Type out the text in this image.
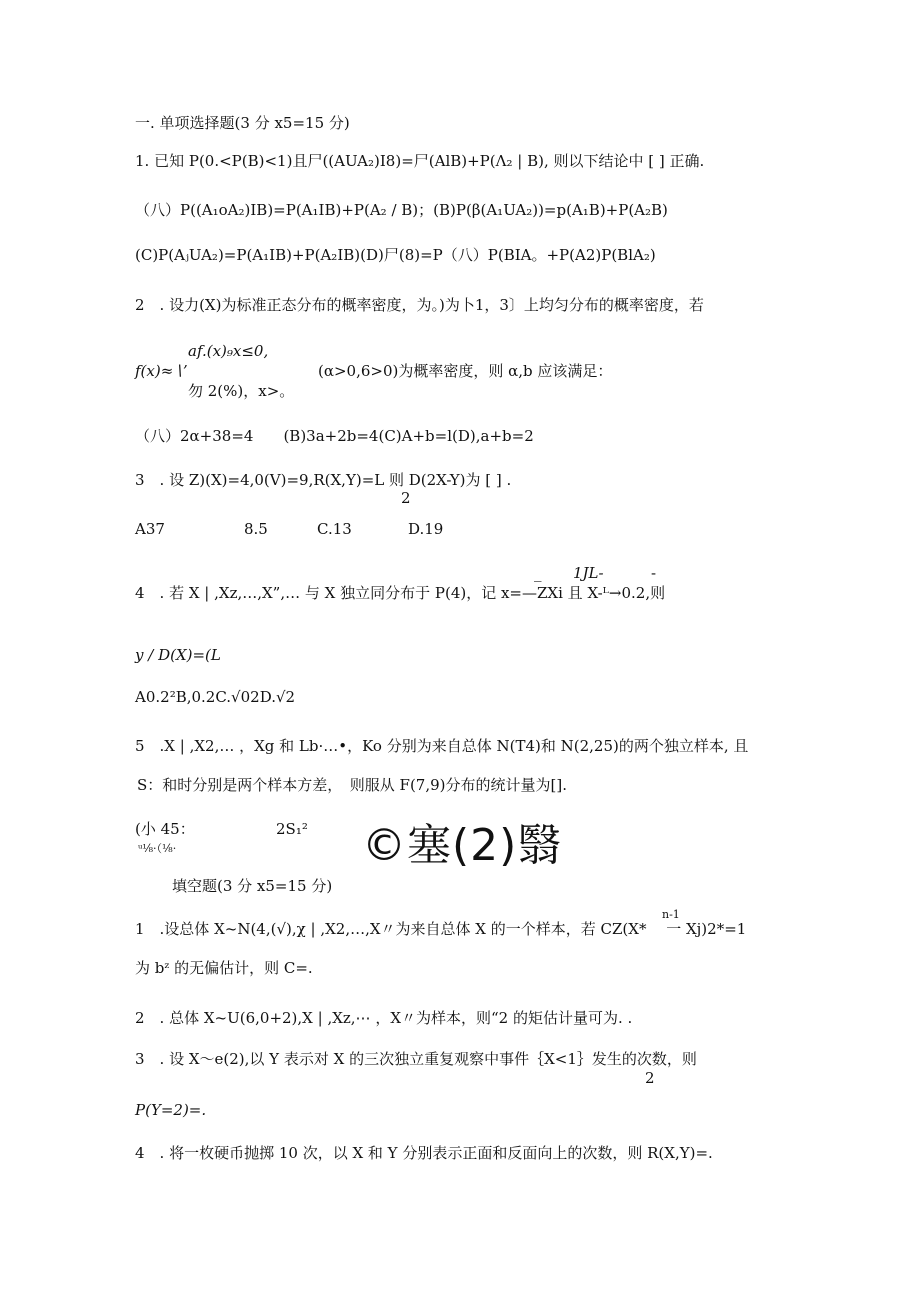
一. 单项选择题(3 分 x5=15 分)
1. 已知 P(0.<P(B)<1)且尸((AUA₂)I8)=尸(AlB)+P(Λ₂ | B), 则以下结论中 [ ] 正确.
（八）P((A₁oA₂)IB)=P(A₁IB)+P(A₂ / B)；(B)P(β(A₁UA₂))=p(A₁B)+P(A₂B)
(C)P(AⱼUA₂)=P(A₁IB)+P(A₂IB)(D)尸(8)=P（八）P(BIA。+P(A2)P(BlA₂)
2　. 设力(X)为标准正态分布的概率密度，为。)为卜1，3〕上均匀分布的概率密度，若
af.(x)₉x≤0,
f(x)≈∖’	(α>0,6>0)为概率密度，则 α,b 应该满足：
勿 2(%)，x>。
（八）2α+38=4　　(B)3a+2b=4(C)A+b=l(D),a+b=2
3　. 设 Z)(X)=4,0(V)=9,R(X,Y)=L 则 D(2X-Y)为 [ ] .
2
A37	8.5	C.13	D.19
_ 1JL-	-
4　. 若 X | ,Xz,…,X”,… 与 X 独立同分布于 P(4)，记 x=—ZXi 且 X-ᴸ→0.2,则
y / D(X)=(L
A0.2²B,0.2C.√02D.√2
5　.X | ,X2,… ，Xg 和 Lb·…•，Ko 分别为来自总体 N(T4)和 N(2,25)的两个独立样本, 且
S：和时分别是两个样本方差，　则服从 F(7,9)分布的统计量为[].
(小 45：
ᵘ¹⁄₈·（¹⁄₈·
2S₁² ©塞(2)翳
填空题(3 分 x5=15 分)
n-1
1　.设总体 X~N(4,(√),χ | ,X2,…,X〃为来自总体 X 的一个样本，若 CZ(X*　 一 Xj)2*=1
为 bᶻ 的无偏估计，则 C=.
2　. 总体 X~U(6,0+2),X | ,Xz,⋯ ，X〃为样本，则“2 的矩估计量可为. .
3　. 设 X～e(2),以 Y 表示对 X 的三次独立重复观察中事件｛X<1｝发生的次数，则
2
P(Y=2)=.
4　. 将一枚硬币抛掷 10 次，以 X 和 Y 分别表示正面和反面向上的次数，则 R(X,Y)=.
